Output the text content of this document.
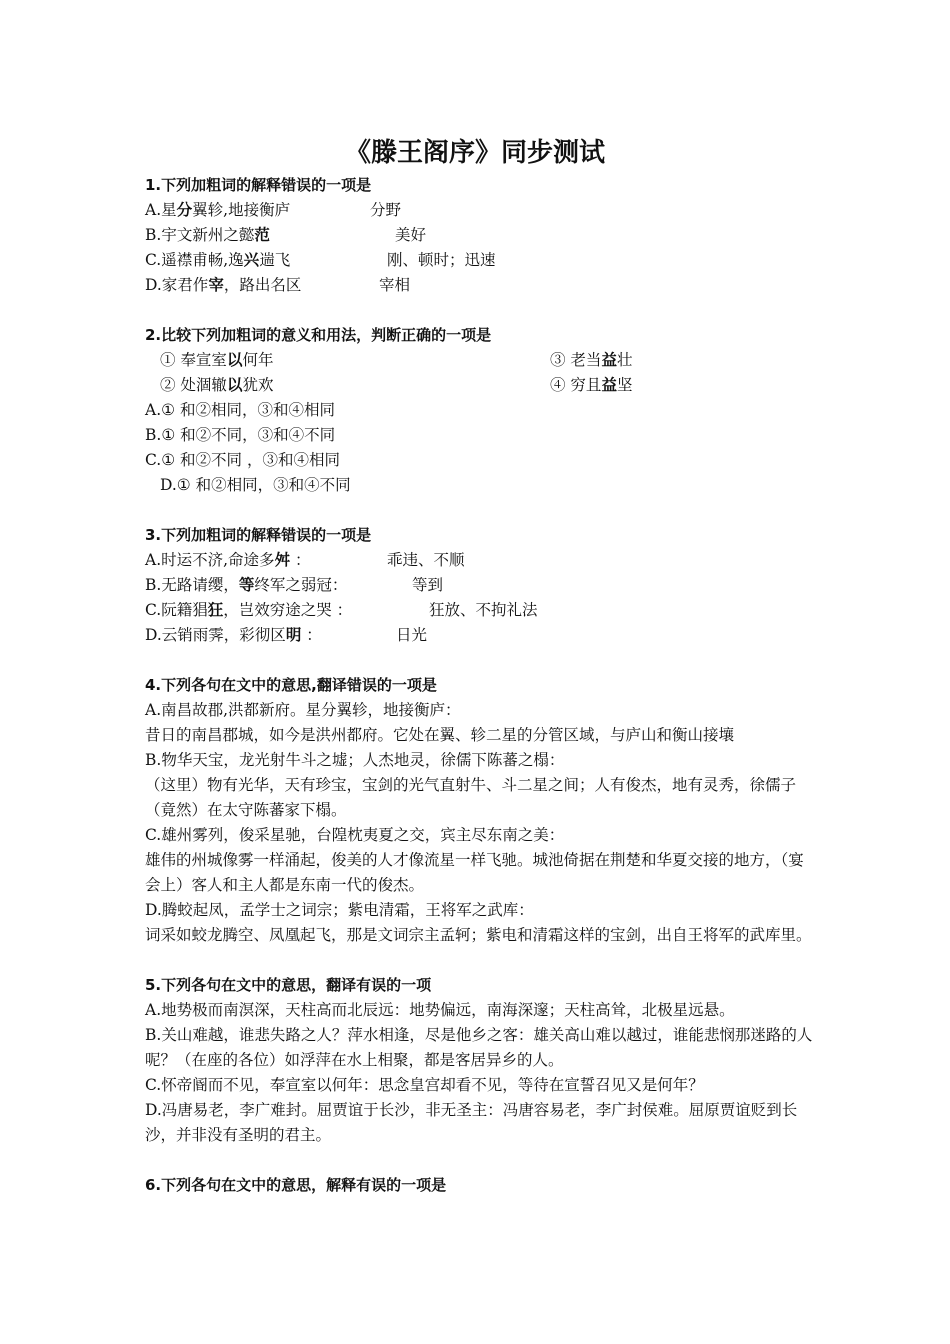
《滕王阁序》同步测试
1.下列加粗词的解释错误的一项是
A.星分翼轸,地接衡庐	分野
B.宇文新州之懿范	美好
C.遥襟甫畅,逸兴遄飞	刚、顿时；迅速
D.家君作宰，路出名区	宰相
2.比较下列加粗词的意义和用法，判断正确的一项是
① 奉宣室以何年	③ 老当益壮
② 处涸辙以犹欢	④ 穷且益坚
A.① 和②相同，③和④相同
B.① 和②不同，③和④不同
C.① 和②不同 ，③和④相同
D.① 和②相同，③和④不同
3.下列加粗词的解释错误的一项是
A.时运不济,命途多舛 ：	乖违、不顺
B.无路请缨，等终军之弱冠：	等到
C.阮籍猖狂，岂效穷途之哭 ：	狂放、不拘礼法
D.云销雨霁，彩彻区明 ：	日光
4.下列各句在文中的意思,翻译错误的一项是
A.南昌故郡,洪都新府。星分翼轸，地接衡庐：
昔日的南昌郡城，如今是洪州都府。它处在翼、轸二星的分管区域，与庐山和衡山接壤
B.物华天宝，龙光射牛斗之墟；人杰地灵，徐儒下陈蕃之榻：
（这里）物有光华，天有珍宝，宝剑的光气直射牛、斗二星之间；人有俊杰，地有灵秀，徐儒子（竟然）在太守陈蕃家下榻。
C.雄州雾列，俊采星驰，台隍枕夷夏之交，宾主尽东南之美：
雄伟的州城像雾一样涌起，俊美的人才像流星一样飞驰。城池倚据在荆楚和华夏交接的地方，（宴会上）客人和主人都是东南一代的俊杰。
D.腾蛟起凤，孟学士之词宗；紫电清霜，王将军之武库：
词采如蛟龙腾空、凤凰起飞，那是文词宗主孟轲；紫电和清霜这样的宝剑，出自王将军的武库里。
5.下列各句在文中的意思，翻译有误的一项
A.地势极而南溟深，天柱高而北辰远：地势偏远，南海深邃；天柱高耸，北极星远悬。
B.关山难越，谁悲失路之人？萍水相逢，尽是他乡之客：雄关高山难以越过，谁能悲悯那迷路的人呢？（在座的各位）如浮萍在水上相聚，都是客居异乡的人。
C.怀帝阍而不见，奉宣室以何年：思念皇宫却看不见，等待在宣誓召见又是何年？
D.冯唐易老，李广难封。屈贾谊于长沙，非无圣主：冯唐容易老，李广封侯难。屈原贾谊贬到长沙，并非没有圣明的君主。
6.下列各句在文中的意思，解释有误的一项是
